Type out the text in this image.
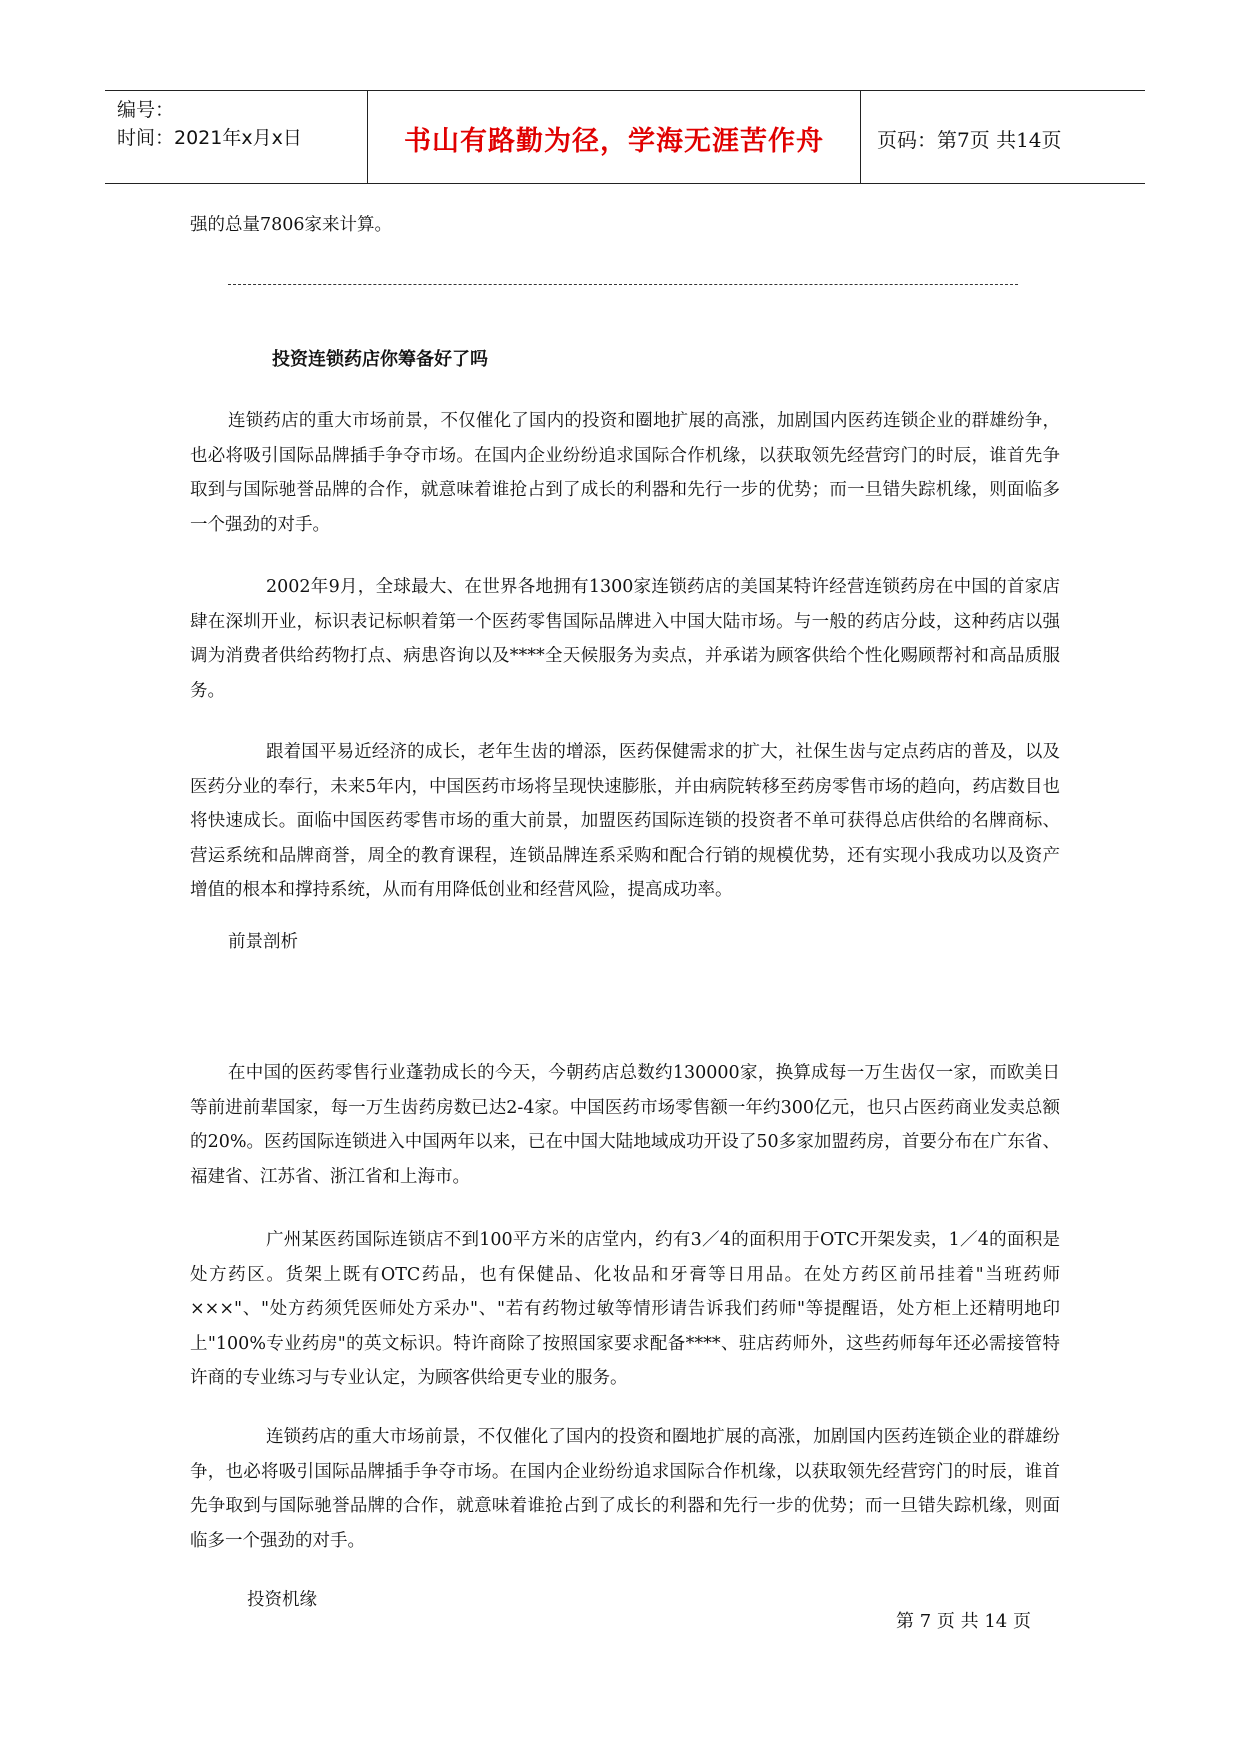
编号：
时间：2021年x月x日	书山有路勤为径，学海无涯苦作舟	页码：第7页 共14页
强的总量7806家来计算。
投资连锁药店你筹备好了吗

连锁药店的重大市场前景，不仅催化了国内的投资和圈地扩展的高涨，加剧国内医药连锁企业的群雄纷争，也必将吸引国际品牌插手争夺市场。在国内企业纷纷追求国际合作机缘，以获取领先经营窍门的时辰，谁首先争取到与国际驰誉品牌的合作，就意味着谁抢占到了成长的利器和先行一步的优势；而一旦错失踪机缘，则面临多一个强劲的对手。

2002年9月，全球最大、在世界各地拥有1300家连锁药店的美国某特许经营连锁药房在中国的首家店肆在深圳开业，标识表记标帜着第一个医药零售国际品牌进入中国大陆市场。与一般的药店分歧，这种药店以强调为消费者供给药物打点、病患咨询以及****全天候服务为卖点，并承诺为顾客供给个性化赐顾帮衬和高品质服务。

跟着国平易近经济的成长，老年生齿的增添，医药保健需求的扩大，社保生齿与定点药店的普及，以及医药分业的奉行，未来5年内，中国医药市场将呈现快速膨胀，并由病院转移至药房零售市场的趋向，药店数目也将快速成长。面临中国医药零售市场的重大前景，加盟医药国际连锁的投资者不单可获得总店供给的名牌商标、营运系统和品牌商誉，周全的教育课程，连锁品牌连系采购和配合行销的规模优势，还有实现小我成功以及资产增值的根本和撑持系统，从而有用降低创业和经营风险，提高成功率。

前景剖析

在中国的医药零售行业蓬勃成长的今天，今朝药店总数约130000家，换算成每一万生齿仅一家，而欧美日等前进前辈国家，每一万生齿药房数已达2-4家。中国医药市场零售额一年约300亿元，也只占医药商业发卖总额的20%。医药国际连锁进入中国两年以来，已在中国大陆地域成功开设了50多家加盟药房，首要分布在广东省、福建省、江苏省、浙江省和上海市。

广州某医药国际连锁店不到100平方米的店堂内，约有3／4的面积用于OTC开架发卖，1／4的面积是处方药区。货架上既有OTC药品，也有保健品、化妆品和牙膏等日用品。在处方药区前吊挂着"当班药师×××"、"处方药须凭医师处方采办"、"若有药物过敏等情形请告诉我们药师"等提醒语，处方柜上还精明地印上"100%专业药房"的英文标识。特许商除了按照国家要求配备****、驻店药师外，这些药师每年还必需接管特许商的专业练习与专业认定，为顾客供给更专业的服务。

连锁药店的重大市场前景，不仅催化了国内的投资和圈地扩展的高涨，加剧国内医药连锁企业的群雄纷争，也必将吸引国际品牌插手争夺市场。在国内企业纷纷追求国际合作机缘，以获取领先经营窍门的时辰，谁首先争取到与国际驰誉品牌的合作，就意味着谁抢占到了成长的利器和先行一步的优势；而一旦错失踪机缘，则面临多一个强劲的对手。

投资机缘
第 7 页 共 14 页
